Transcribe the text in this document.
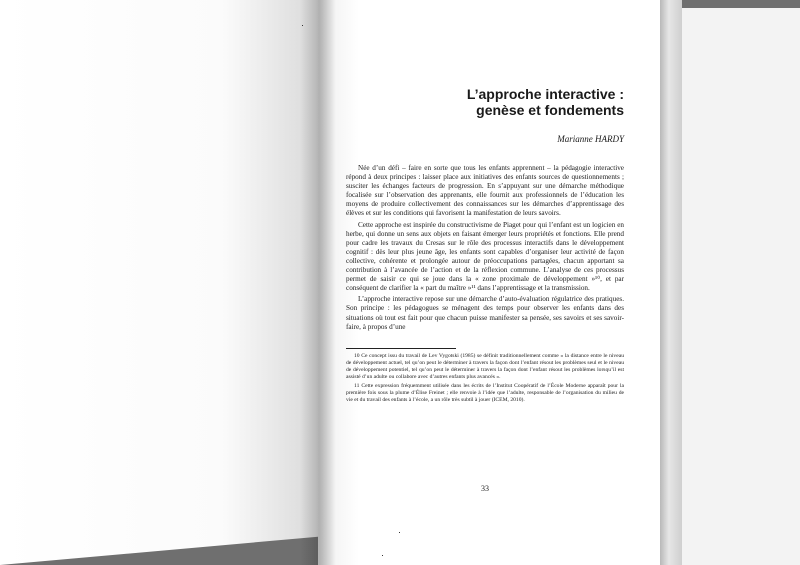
L’approche interactive :
genèse et fondements

Marianne HARDY

Née d’un défi – faire en sorte que tous les enfants apprennent – la pédagogie interactive répond à deux principes : laisser place aux initiatives des enfants sources de questionnements ; susciter les échanges facteurs de progression. En s’appuyant sur une démarche méthodique focalisée sur l’observation des apprenants, elle fournit aux professionnels de l’éducation les moyens de produire collectivement des connaissances sur les démarches d’apprentissage des élèves et sur les conditions qui favorisent la manifestation de leurs savoirs.

Cette approche est inspirée du constructivisme de Piaget pour qui l’enfant est un logicien en herbe, qui donne un sens aux objets en faisant émerger leurs propriétés et fonctions. Elle prend pour cadre les travaux du Cresas sur le rôle des processus interactifs dans le développement cognitif : dès leur plus jeune âge, les enfants sont capables d’organiser leur activité de façon collective, cohérente et prolongée autour de préoccupations partagées, chacun apportant sa contribution à l’avancée de l’action et de la réflexion commune. L’analyse de ces processus permet de saisir ce qui se joue dans la « zone proximale de développement »¹⁰, et par conséquent de clarifier la « part du maître »¹¹ dans l’apprentissage et la transmission.

L’approche interactive repose sur une démarche d’auto-évaluation régulatrice des pratiques. Son principe : les pédagogues se ménagent des temps pour observer les enfants dans des situations où tout est fait pour que chacun puisse manifester sa pensée, ses savoirs et ses savoir-faire, à propos d’une

10 Ce concept issu du travail de Lev Vygotski (1985) se définit traditionnellement comme « la distance entre le niveau de développement actuel, tel qu’on peut le déterminer à travers la façon dont l’enfant résout les problèmes seul et le niveau de développement potentiel, tel qu’on peut le déterminer à travers la façon dont l’enfant résout les problèmes lorsqu’il est assisté d’un adulte ou collabore avec d’autres enfants plus avancés ».

11 Cette expression fréquemment utilisée dans les écrits de l’Institut Coopératif de l’École Moderne apparaît pour la première fois sous la plume d’Élise Freinet ; elle renvoie à l’idée que l’adulte, responsable de l’organisation du milieu de vie et du travail des enfants à l’école, a un rôle très subtil à jouer (ICEM, 2010).

33
